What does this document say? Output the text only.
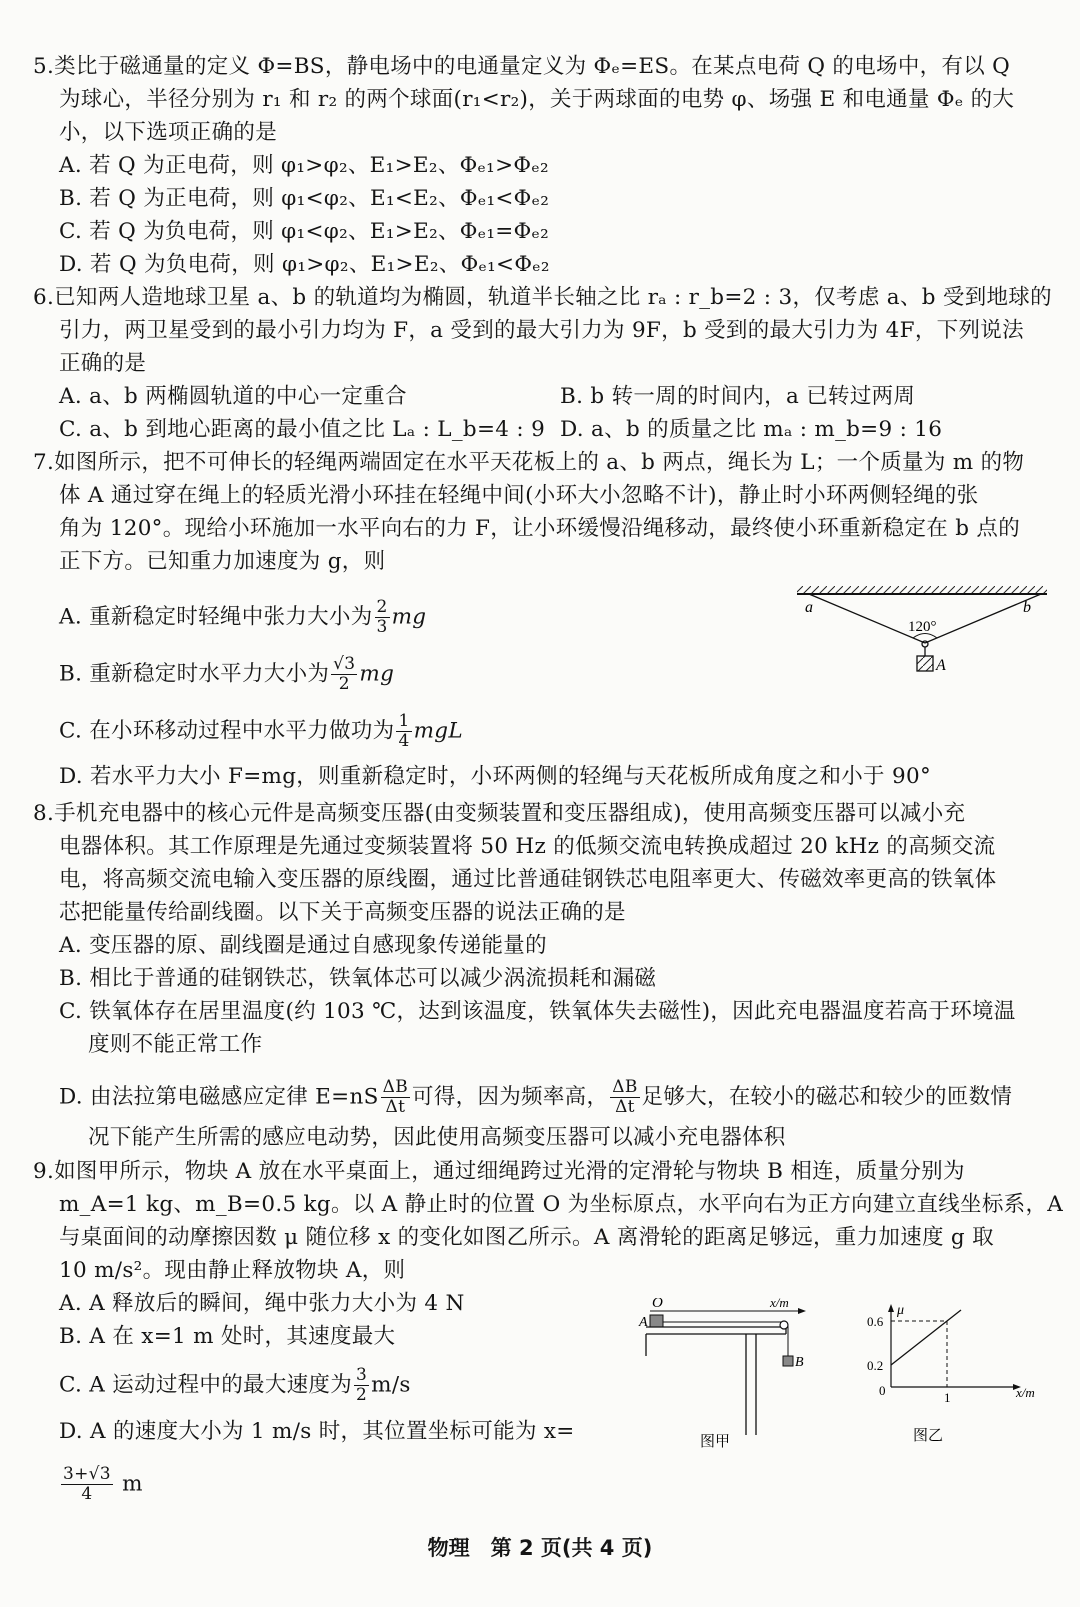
5.类比于磁通量的定义 Φ=BS，静电场中的电通量定义为 Φₑ=ES。在某点电荷 Q 的电场中，有以 Q
为球心，半径分别为 r₁ 和 r₂ 的两个球面(r₁<r₂)，关于两球面的电势 φ、场强 E 和电通量 Φₑ 的大
小，以下选项正确的是
A. 若 Q 为正电荷，则 φ₁>φ₂、E₁>E₂、Φₑ₁>Φₑ₂
B. 若 Q 为正电荷，则 φ₁<φ₂、E₁<E₂、Φₑ₁<Φₑ₂
C. 若 Q 为负电荷，则 φ₁<φ₂、E₁>E₂、Φₑ₁=Φₑ₂
D. 若 Q 为负电荷，则 φ₁>φ₂、E₁>E₂、Φₑ₁<Φₑ₂
6.已知两人造地球卫星 a、b 的轨道均为椭圆，轨道半长轴之比 rₐ : r_b=2 : 3，仅考虑 a、b 受到地球的
引力，两卫星受到的最小引力均为 F，a 受到的最大引力为 9F，b 受到的最大引力为 4F，下列说法
正确的是
A. a、b 两椭圆轨道的中心一定重合	B. b 转一周的时间内，a 已转过两周
C. a、b 到地心距离的最小值之比 Lₐ : L_b=4 : 9 D. a、b 的质量之比 mₐ : m_b=9 : 16
7.如图所示，把不可伸长的轻绳两端固定在水平天花板上的 a、b 两点，绳长为 L；一个质量为 m 的物
体 A 通过穿在绳上的轻质光滑小环挂在轻绳中间(小环大小忽略不计)，静止时小环两侧轻绳的张
角为 120°。现给小环施加一水平向右的力 F，让小环缓慢沿绳移动，最终使小环重新稳定在 b 点的
正下方。已知重力加速度为 g，则
A. 重新稳定时轻绳中张力大小为 $\frac{2}{3}$ mg
B. 重新稳定时水平力大小为 $\frac{√3}{2}$ mg
C. 在小环移动过程中水平力做功为 $\frac{1}{4}$ mgL
D. 若水平力大小 F=mg，则重新稳定时，小环两侧的轻绳与天花板所成角度之和小于 90°
a	b
120°
A
8.手机充电器中的核心元件是高频变压器(由变频装置和变压器组成)，使用高频变压器可以减小充
电器体积。其工作原理是先通过变频装置将 50 Hz 的低频交流电转换成超过 20 kHz 的高频交流
电，将高频交流电输入变压器的原线圈，通过比普通硅钢铁芯电阻率更大、传磁效率更高的铁氧体
芯把能量传给副线圈。以下关于高频变压器的说法正确的是
A. 变压器的原、副线圈是通过自感现象传递能量的
B. 相比于普通的硅钢铁芯，铁氧体芯可以减少涡流损耗和漏磁
C. 铁氧体存在居里温度(约 103 ℃，达到该温度，铁氧体失去磁性)，因此充电器温度若高于环境温
度则不能正常工作
D. 由法拉第电磁感应定律 $E=nS \frac{\Delta B}{\Delta t}$ 可得，因为频率高， $\frac{\Delta B}{\Delta t}$ 足够大，在较小的磁芯和较少的匝数情
况下能产生所需的感应电动势，因此使用高频变压器可以减小充电器体积
9.如图甲所示，物块 A 放在水平桌面上，通过细绳跨过光滑的定滑轮与物块 B 相连，质量分别为
m_A=1 kg、m_B=0.5 kg。以 A 静止时的位置 O 为坐标原点，水平向右为正方向建立直线坐标系，A
与桌面间的动摩擦因数 μ 随位移 x 的变化如图乙所示。A 离滑轮的距离足够远，重力加速度 g 取
10 m/s²。现由静止释放物块 A，则
A. A 释放后的瞬间，绳中张力大小为 4 N
B. A 在 x=1 m 处时，其速度最大
C. A 运动过程中的最大速度为 $\frac{3}{2} m/s$
D. A 的速度大小为 1 m/s 时，其位置坐标可能为 x=
$\frac{3+√3}{4}$ m
O	x/m
A
B
图甲
μ
x/m
0
0.6
0.2
1
图乙
物理　第 2 页(共 4 页)
